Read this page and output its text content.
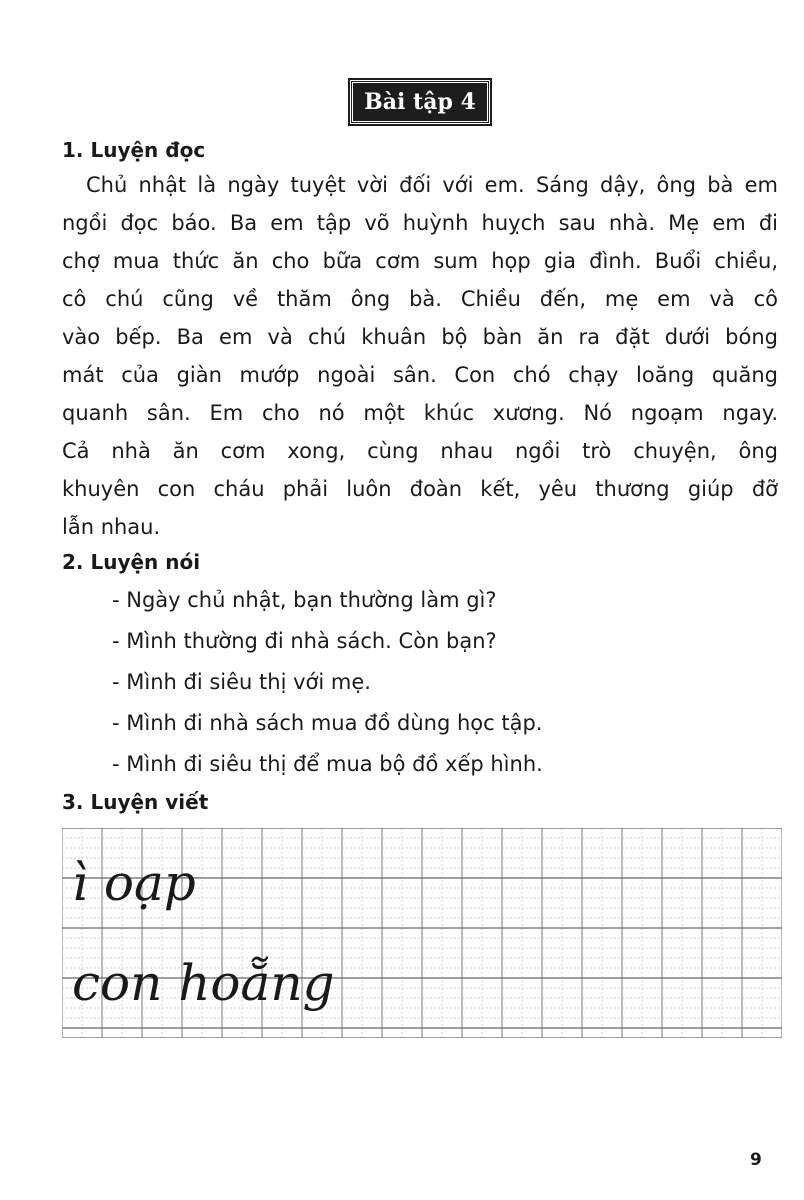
Bài tập 4
1. Luyện đọc
Chủ nhật là ngày tuyệt vời đối với em. Sáng dậy, ông bà em
ngồi đọc báo. Ba em tập võ huỳnh huỵch sau nhà. Mẹ em đi
chợ mua thức ăn cho bữa cơm sum họp gia đình. Buổi chiều,
cô chú cũng về thăm ông bà. Chiều đến, mẹ em và cô
vào bếp. Ba em và chú khuân bộ bàn ăn ra đặt dưới bóng
mát của giàn mướp ngoài sân. Con chó chạy loăng quăng
quanh sân. Em cho nó một khúc xương. Nó ngoạm ngay.
Cả nhà ăn cơm xong, cùng nhau ngồi trò chuyện, ông
khuyên con cháu phải luôn đoàn kết, yêu thương giúp đỡ
lẫn nhau.
2. Luyện nói
- Ngày chủ nhật, bạn thường làm gì?
- Mình thường đi nhà sách. Còn bạn?
- Mình đi siêu thị với mẹ.
- Mình đi nhà sách mua đồ dùng học tập.
- Mình đi siêu thị để mua bộ đồ xếp hình.
3. Luyện viết
ì oạp
con hoẵng
9
